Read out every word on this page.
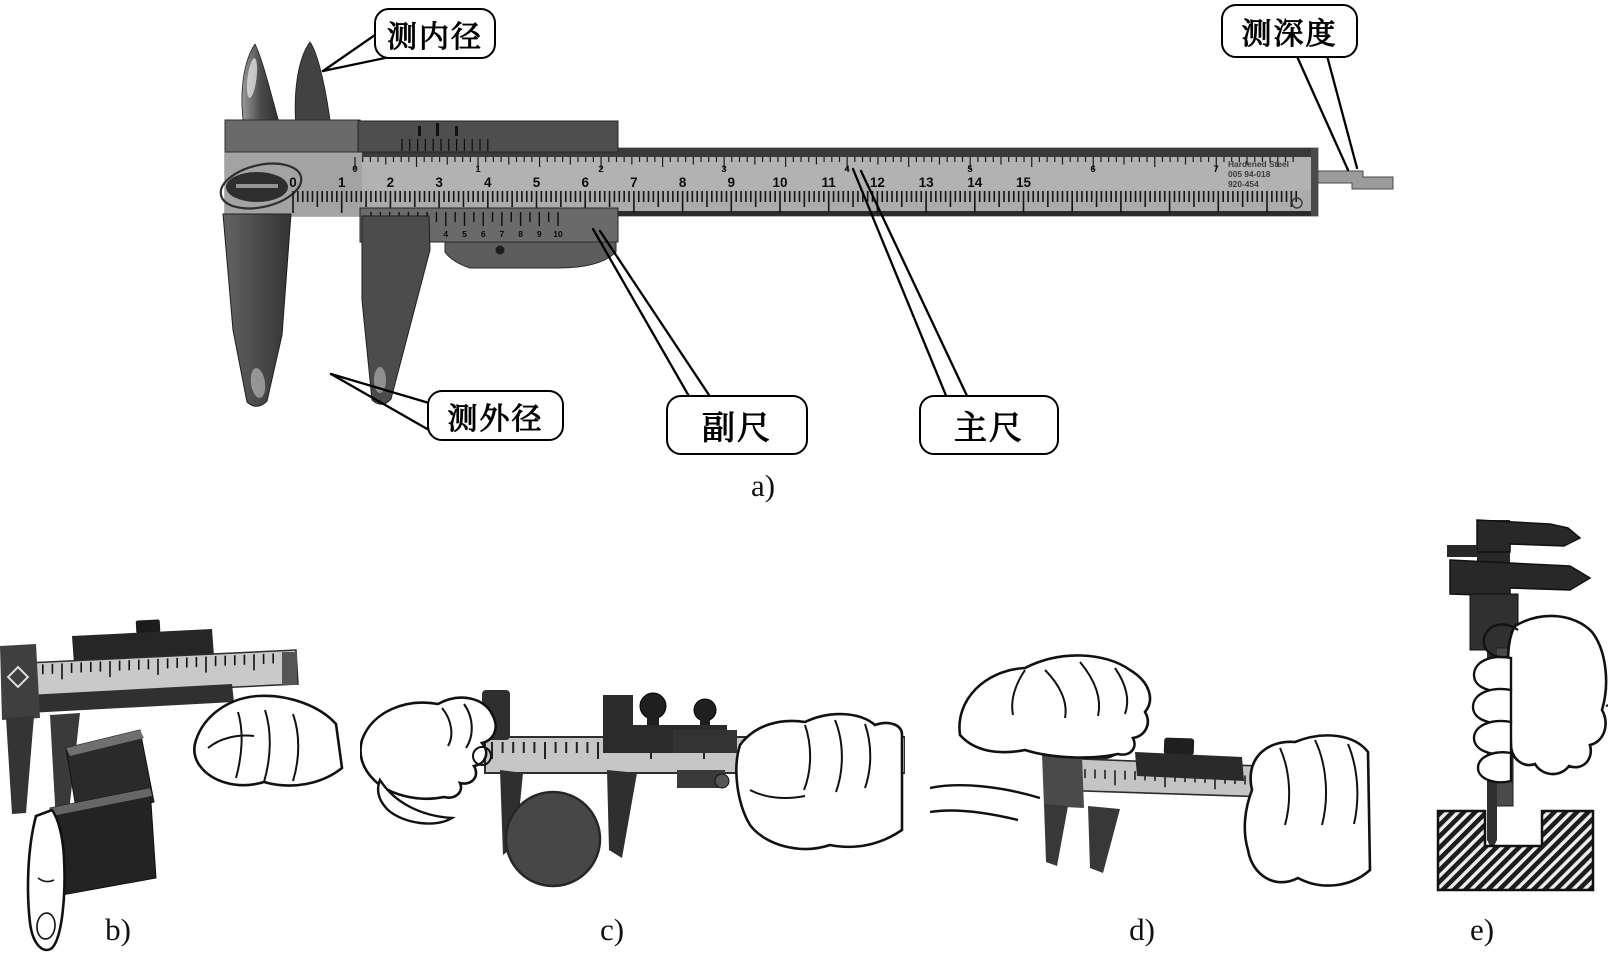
0	1	2	3	4	5	6	7
0	1	2	3	4	5	6	7	8	9	10	11	12 13 14 15
4 5 6 7 8 9 10
Hardened Steel
005 94-018
920-454
测内径	测深度
测外径	副尺	主尺
a)
b)	c)	d)	e)
